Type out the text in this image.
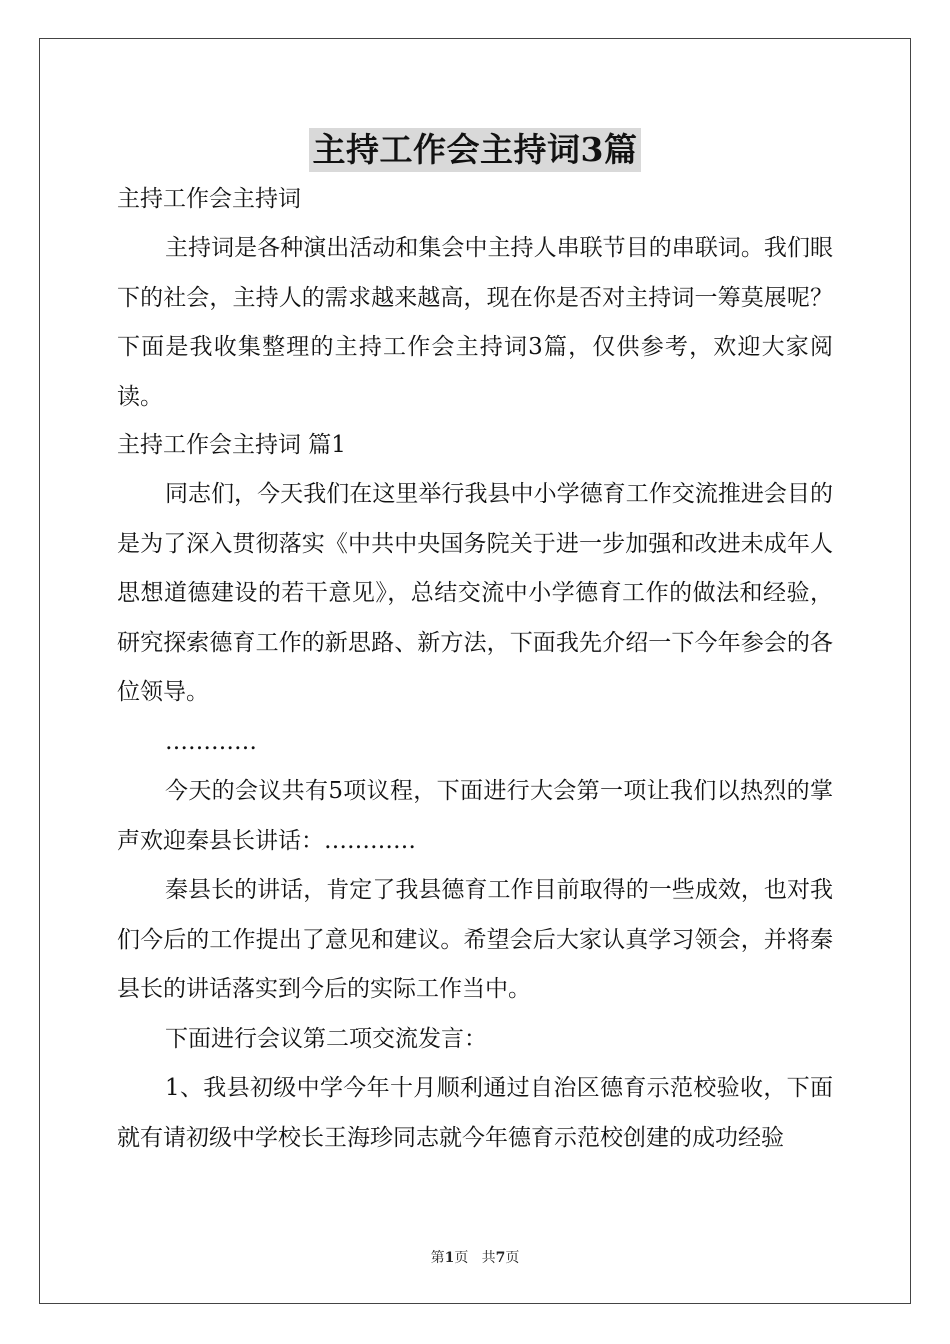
主持工作会主持词3篇

主持工作会主持词

主持词是各种演出活动和集会中主持人串联节目的串联词。我们眼下的社会，主持人的需求越来越高，现在你是否对主持词一筹莫展呢？下面是我收集整理的主持工作会主持词3篇，仅供参考，欢迎大家阅读。

主持工作会主持词 篇1

同志们，今天我们在这里举行我县中小学德育工作交流推进会目的是为了深入贯彻落实《中共中央国务院关于进一步加强和改进未成年人思想道德建设的若干意见》，总结交流中小学德育工作的做法和经验，研究探索德育工作的新思路、新方法，下面我先介绍一下今年参会的各位领导。

…………

今天的会议共有5项议程，下面进行大会第一项让我们以热烈的掌声欢迎秦县长讲话：…………

秦县长的讲话，肯定了我县德育工作目前取得的一些成效，也对我们今后的工作提出了意见和建议。希望会后大家认真学习领会，并将秦县长的讲话落实到今后的实际工作当中。

下面进行会议第二项交流发言：

1、我县初级中学今年十月顺利通过自治区德育示范校验收，下面就有请初级中学校长王海珍同志就今年德育示范校创建的成功经验

第1页 共7页
